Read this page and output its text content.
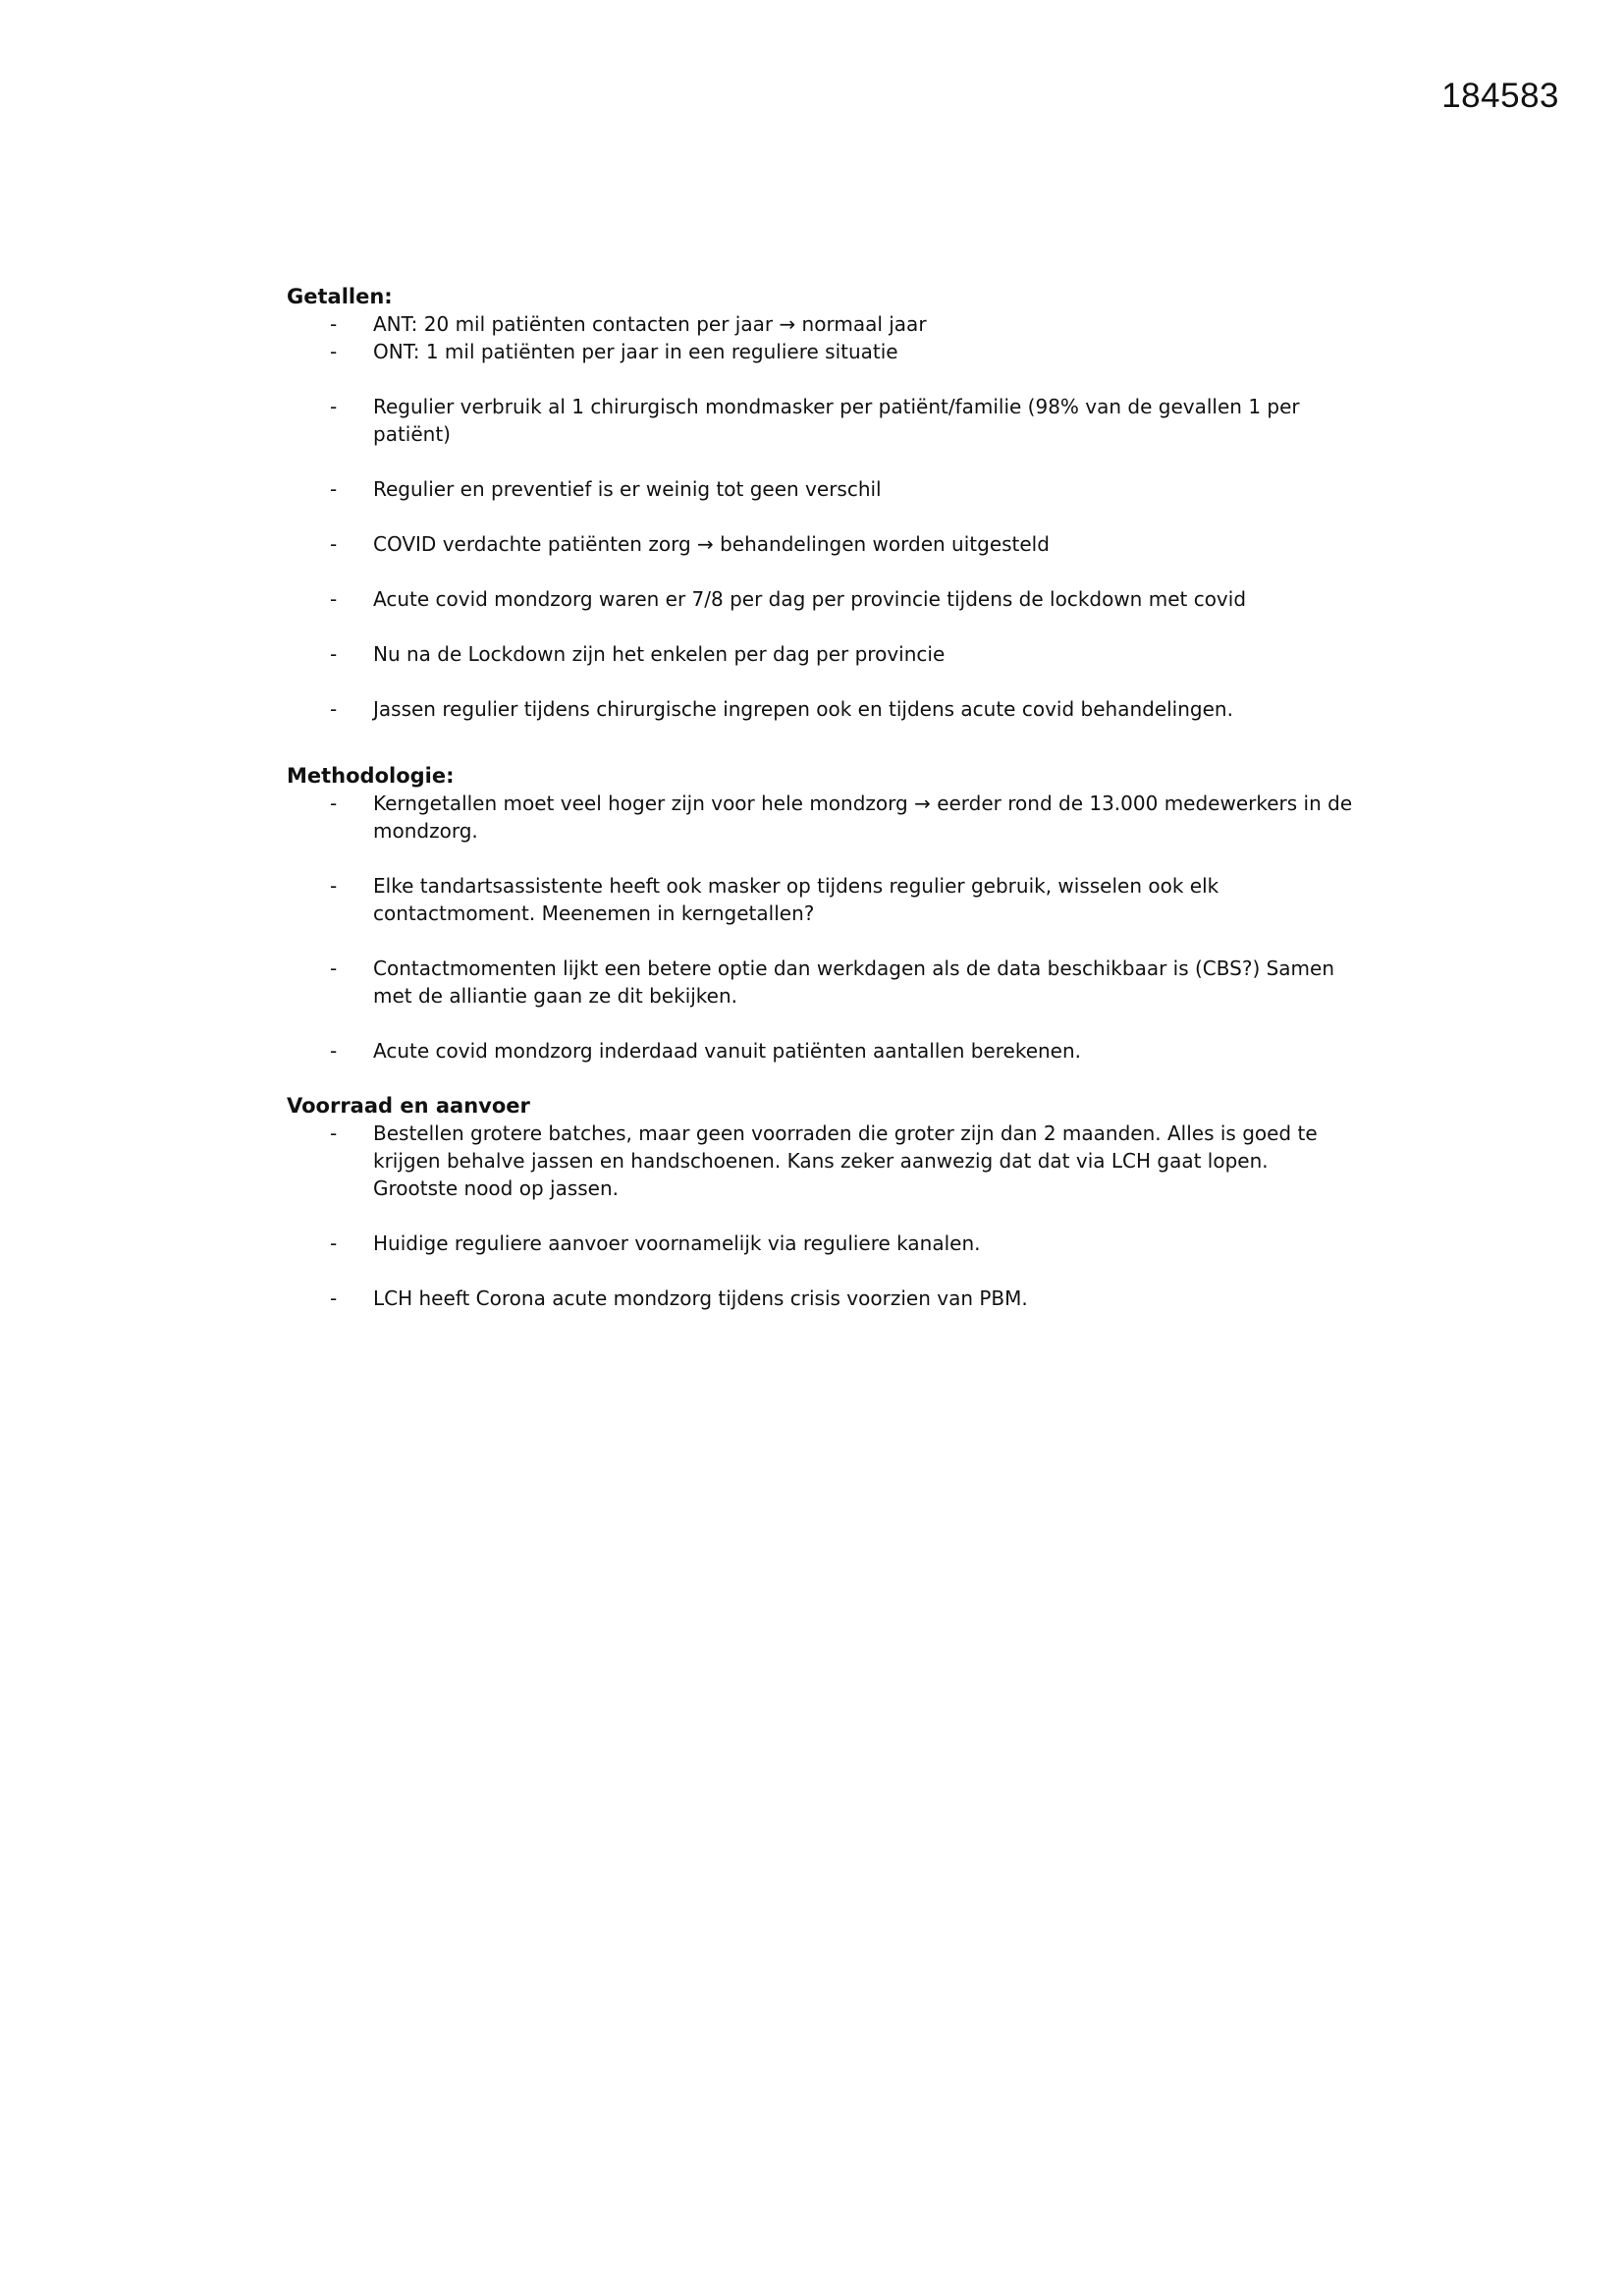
184583
Getallen:
-	ANT: 20 mil patiënten contacten per jaar → normaal jaar
-	ONT: 1 mil patiënten per jaar in een reguliere situatie
-	Regulier verbruik al 1 chirurgisch mondmasker per patiënt/familie (98% van de gevallen 1 per patiënt)
-	Regulier en preventief is er weinig tot geen verschil
-	COVID verdachte patiënten zorg → behandelingen worden uitgesteld
-	Acute covid mondzorg waren er 7/8 per dag per provincie tijdens de lockdown met covid
-	Nu na de Lockdown zijn het enkelen per dag per provincie
-	Jassen regulier tijdens chirurgische ingrepen ook en tijdens acute covid behandelingen.
Methodologie:
-	Kerngetallen moet veel hoger zijn voor hele mondzorg → eerder rond de 13.000 medewerkers in de mondzorg.
-	Elke tandartsassistente heeft ook masker op tijdens regulier gebruik, wisselen ook elk contactmoment. Meenemen in kerngetallen?
-	Contactmomenten lijkt een betere optie dan werkdagen als de data beschikbaar is (CBS?) Samen met de alliantie gaan ze dit bekijken.
-	Acute covid mondzorg inderdaad vanuit patiënten aantallen berekenen.
Voorraad en aanvoer
-	Bestellen grotere batches, maar geen voorraden die groter zijn dan 2 maanden. Alles is goed te krijgen behalve jassen en handschoenen. Kans zeker aanwezig dat dat via LCH gaat lopen. Grootste nood op jassen.
-	Huidige reguliere aanvoer voornamelijk via reguliere kanalen.
-	LCH heeft Corona acute mondzorg tijdens crisis voorzien van PBM.
